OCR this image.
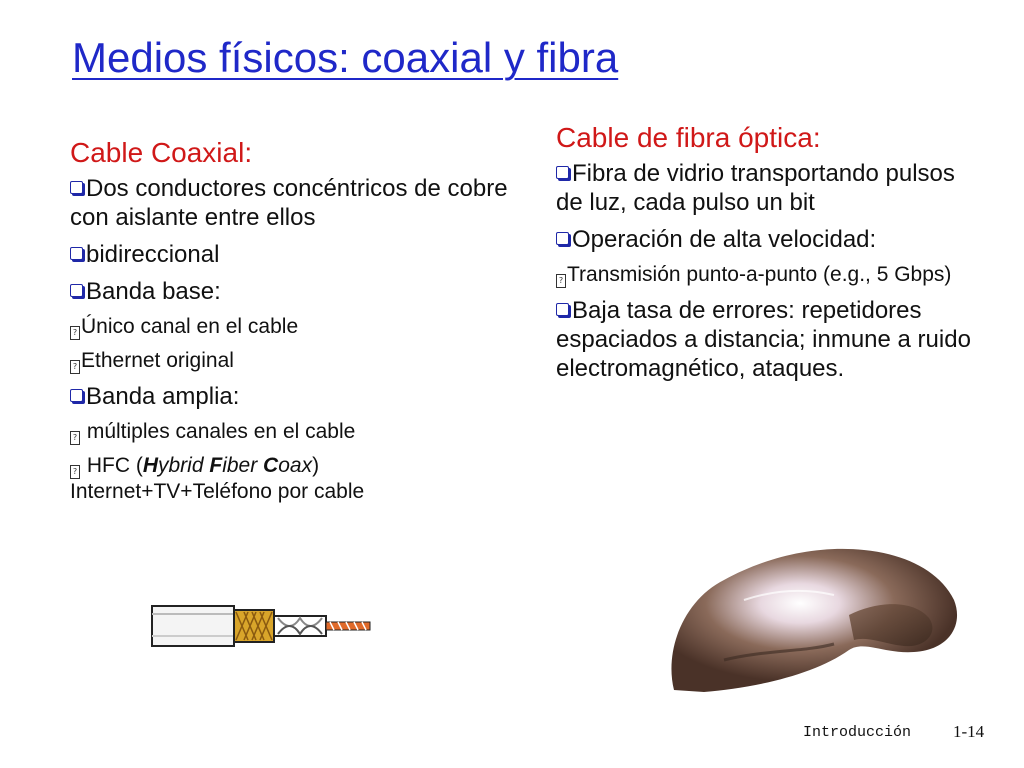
Medios físicos: coaxial y fibra
Cable Coaxial:
Dos conductores concéntricos de cobre con aislante entre ellos
bidireccional
Banda base:
? Único canal en el cable
? Ethernet original
Banda amplia:
? múltiples canales en el cable
? HFC (Hybrid Fiber Coax)
Internet+TV+Teléfono por cable
Cable de fibra óptica:
Fibra de vidrio transportando pulsos de luz, cada pulso un bit
Operación de alta velocidad:
? Transmisión punto-a-punto (e.g., 5 Gbps)
Baja tasa de errores: repetidores espaciados a distancia; inmune a ruido electromagnético, ataques.
Introducción 1-14
